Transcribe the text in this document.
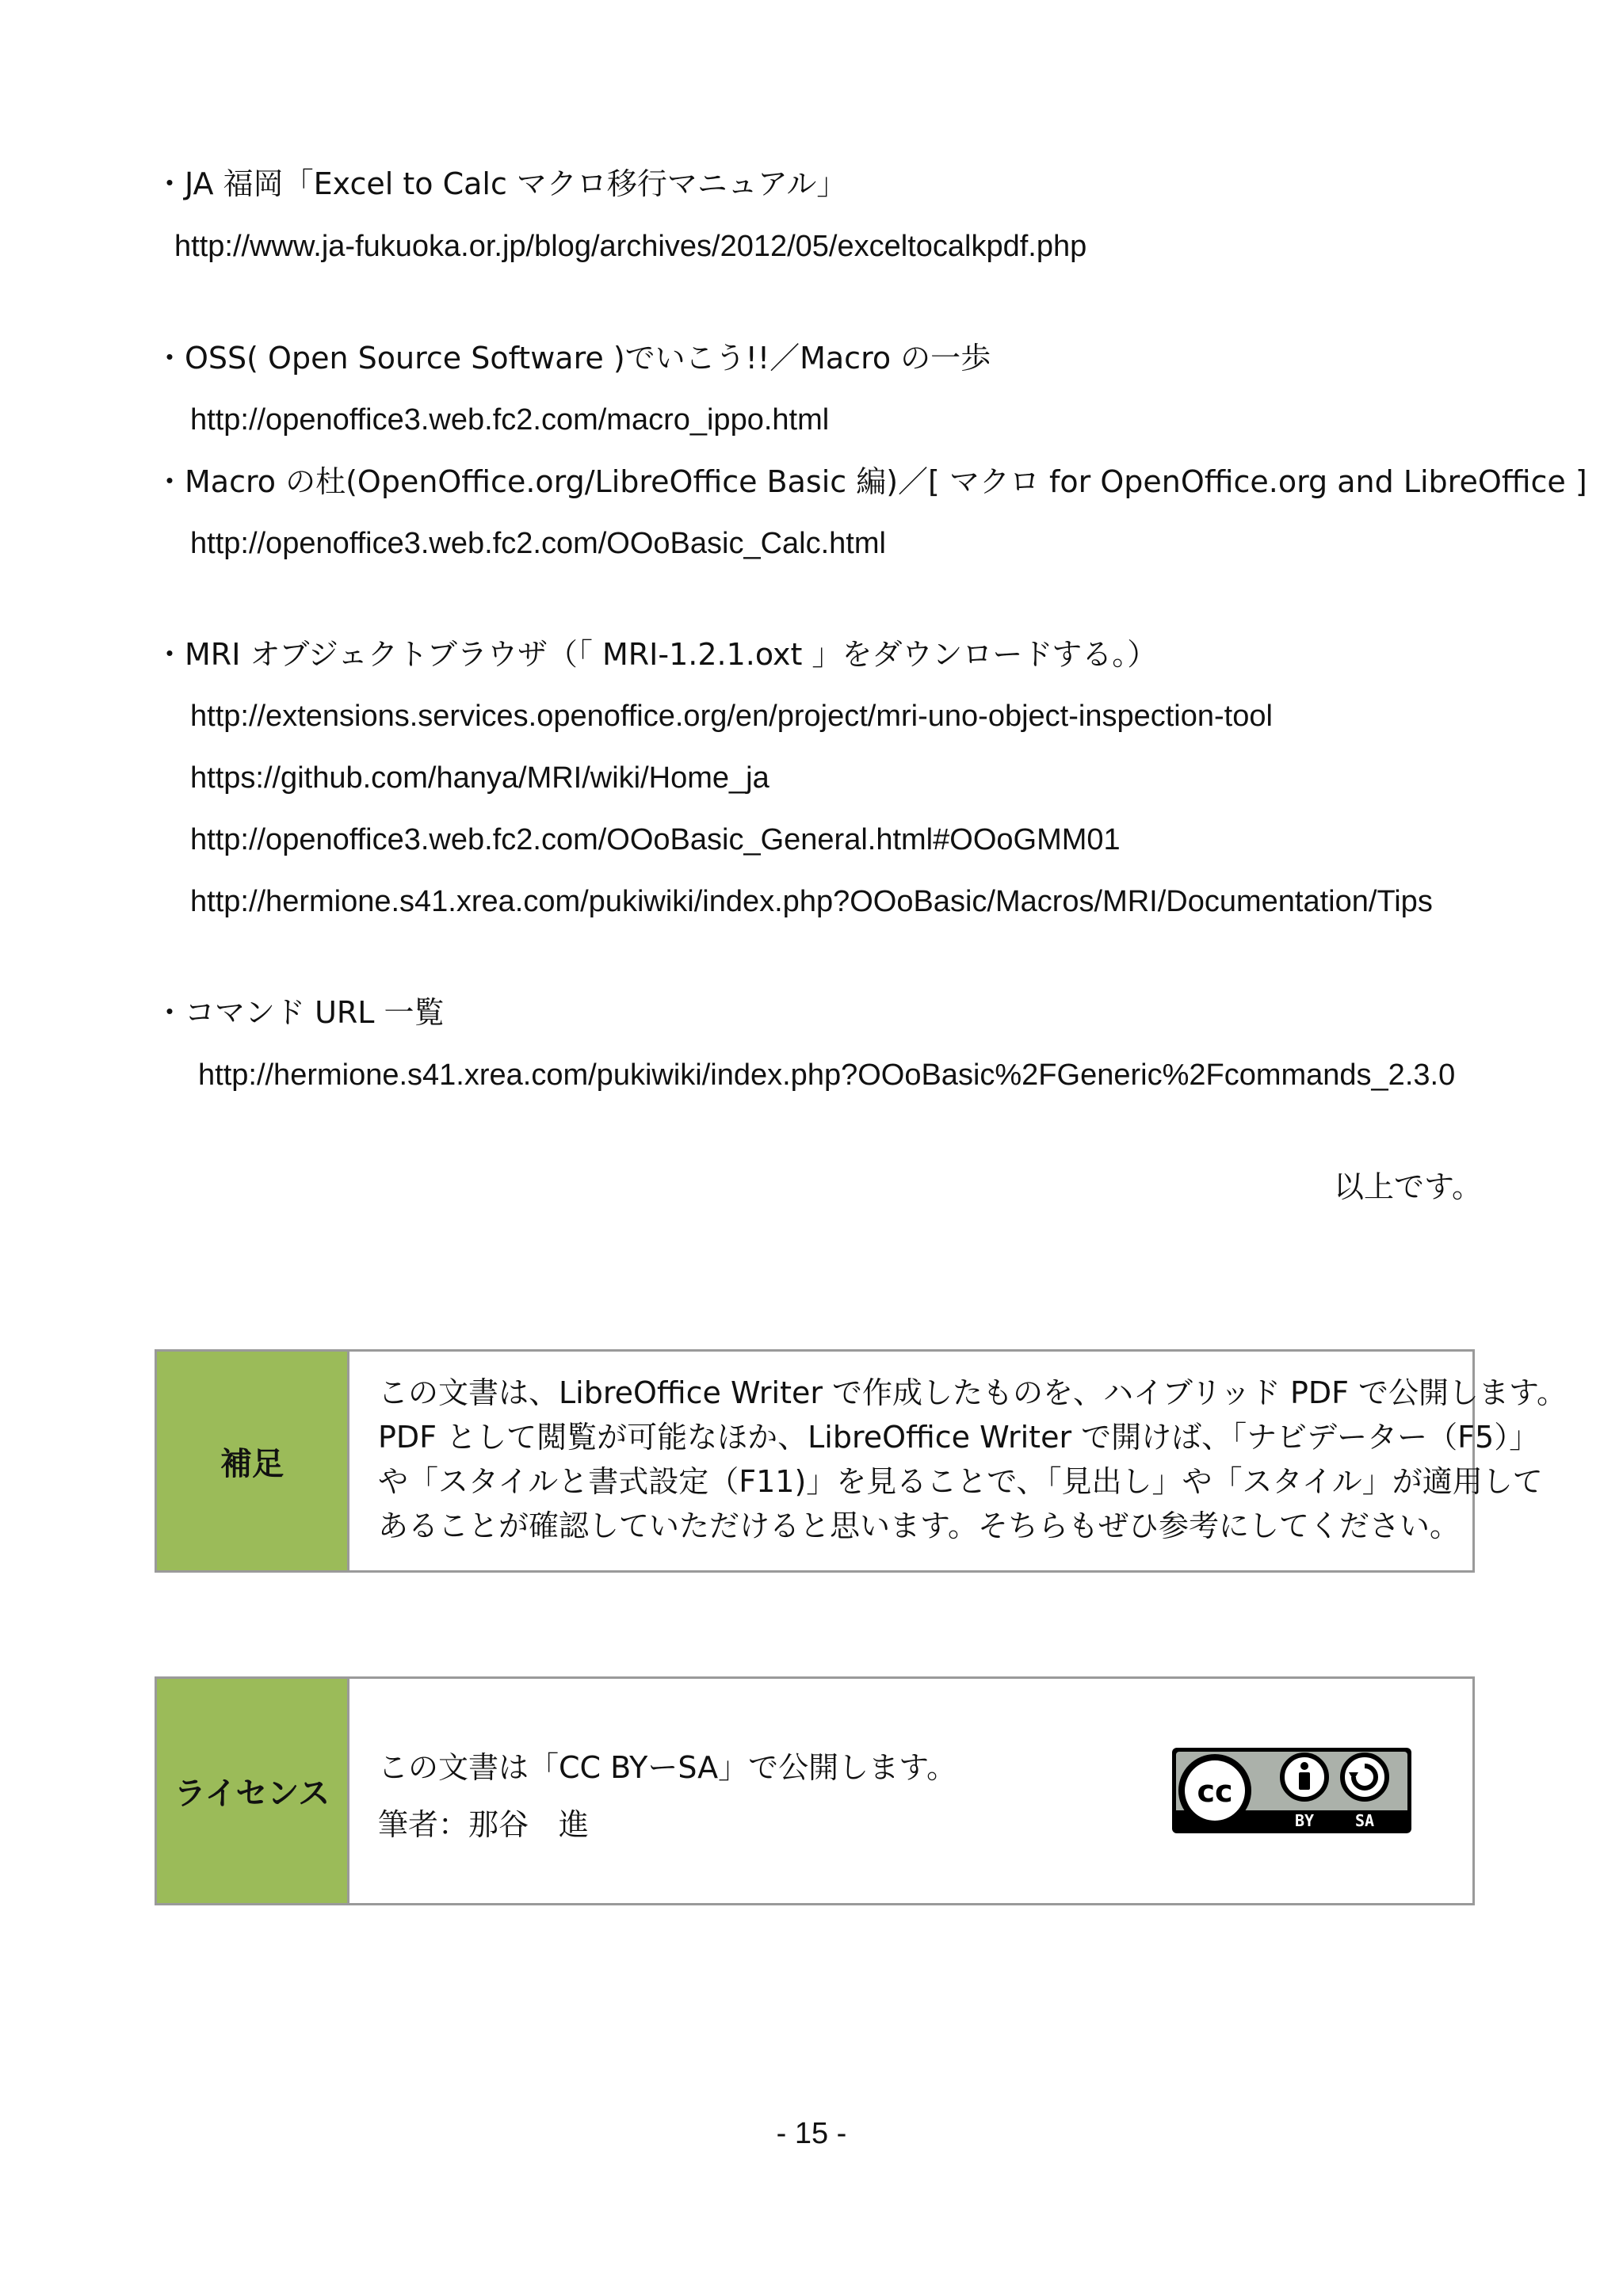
・JA 福岡「Excel to Calc マクロ移行マニュアル」
http://www.ja-fukuoka.or.jp/blog/archives/2012/05/exceltocalkpdf.php
・OSS( Open Source Software )でいこう!!／Macro の一歩
http://openoffice3.web.fc2.com/macro_ippo.html
・Macro の杜(OpenOffice.org/LibreOffice Basic 編)／[ マクロ for OpenOffice.org and LibreOffice ]
http://openoffice3.web.fc2.com/OOoBasic_Calc.html
・MRI オブジェクトブラウザ（「 MRI-1.2.1.oxt 」をダウンロードする。）
http://extensions.services.openoffice.org/en/project/mri-uno-object-inspection-tool
https://github.com/hanya/MRI/wiki/Home_ja
http://openoffice3.web.fc2.com/OOoBasic_General.html#OOoGMM01
http://hermione.s41.xrea.com/pukiwiki/index.php?OOoBasic/Macros/MRI/Documentation/Tips
・コマンド URL 一覧
http://hermione.s41.xrea.com/pukiwiki/index.php?OOoBasic%2FGeneric%2Fcommands_2.3.0
以上です。
補足

この文書は、LibreOffice Writer で作成したものを、ハイブリッド PDF で公開します。

PDF として閲覧が可能なほか、LibreOffice Writer で開けば、「ナビデーター（F5）」

や「スタイルと書式設定（F11)」を見ることで、「見出し」や「スタイル」が適用して

あることが確認していただけると思います。そちらもぜひ参考にしてください。

ライセンス

この文書は「CC BYーSA」で公開します。

筆者：那谷　進

cc
BY	SA
- 15 -
